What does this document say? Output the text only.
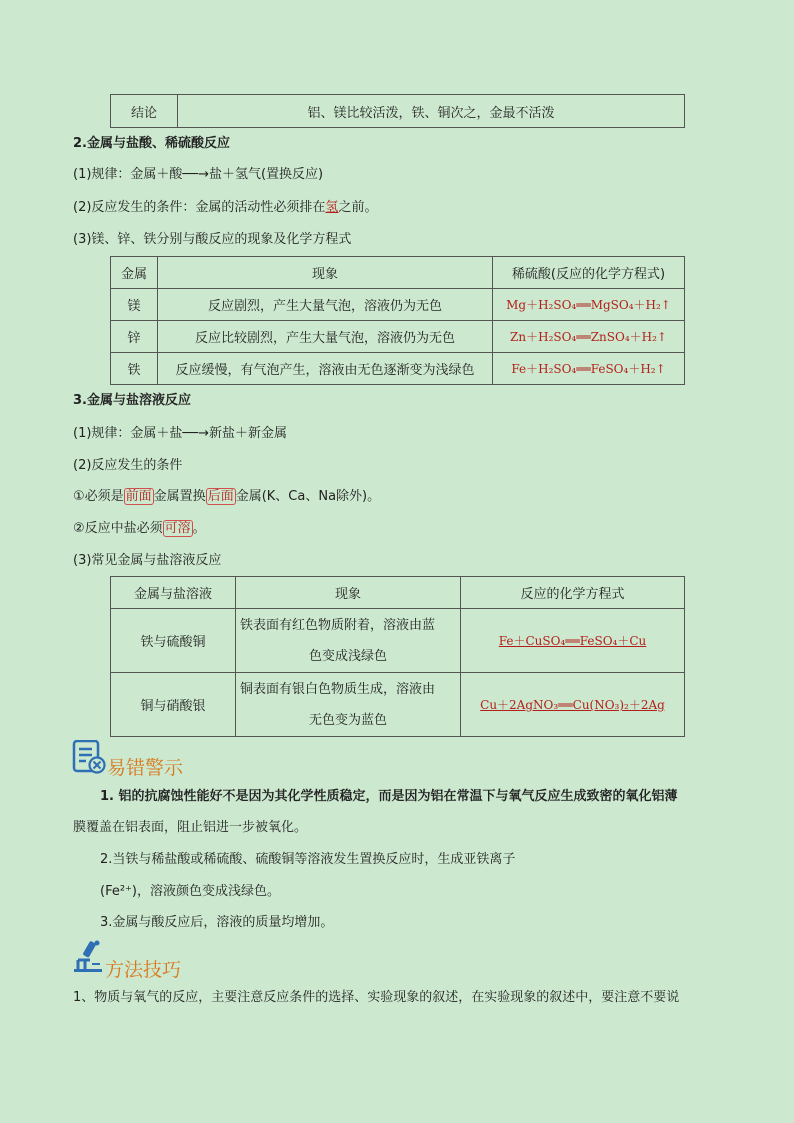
结论	铝、镁比较活泼，铁、铜次之，金最不活泼
2.金属与盐酸、稀硫酸反应
(1)规律：金属＋酸──→盐＋氢气(置换反应)
(2)反应发生的条件：金属的活动性必须排在氢之前。
(3)镁、锌、铁分别与酸反应的现象及化学方程式
金属	现象	稀硫酸(反应的化学方程式)
镁	反应剧烈，产生大量气泡，溶液仍为无色	Mg＋H₂SO₄══MgSO₄＋H₂↑
锌	反应比较剧烈，产生大量气泡，溶液仍为无色	Zn＋H₂SO₄══ZnSO₄＋H₂↑
铁	反应缓慢，有气泡产生，溶液由无色逐渐变为浅绿色	Fe＋H₂SO₄══FeSO₄＋H₂↑
3.金属与盐溶液反应
(1)规律：金属＋盐──→新盐＋新金属
(2)反应发生的条件
①必须是 前面 金属置换 后面 金属(K、Ca、Na除外)。
②反应中盐必须 可溶 。
(3)常见金属与盐溶液反应
金属与盐溶液	现象	反应的化学方程式
铁与硫酸铜	铁表面有红色物质附着，溶液由蓝
色变成浅绿色	Fe＋CuSO₄══FeSO₄＋Cu
铜与硝酸银	铜表面有银白色物质生成，溶液由
无色变为蓝色	Cu＋2AgNO₃══Cu(NO₃)₂＋2Ag
易错警示
1. 铝的抗腐蚀性能好不是因为其化学性质稳定，而是因为铝在常温下与氧气反应生成致密的氧化铝薄
膜覆盖在铝表面，阻止铝进一步被氧化。
2.当铁与稀盐酸或稀硫酸、硫酸铜等溶液发生置换反应时，生成亚铁离子
(Fe²⁺)，溶液颜色变成浅绿色。
3.金属与酸反应后，溶液的质量均增加。
方法技巧
1、物质与氧气的反应，主要注意反应条件的选择、实验现象的叙述，在实验现象的叙述中，要注意不要说
